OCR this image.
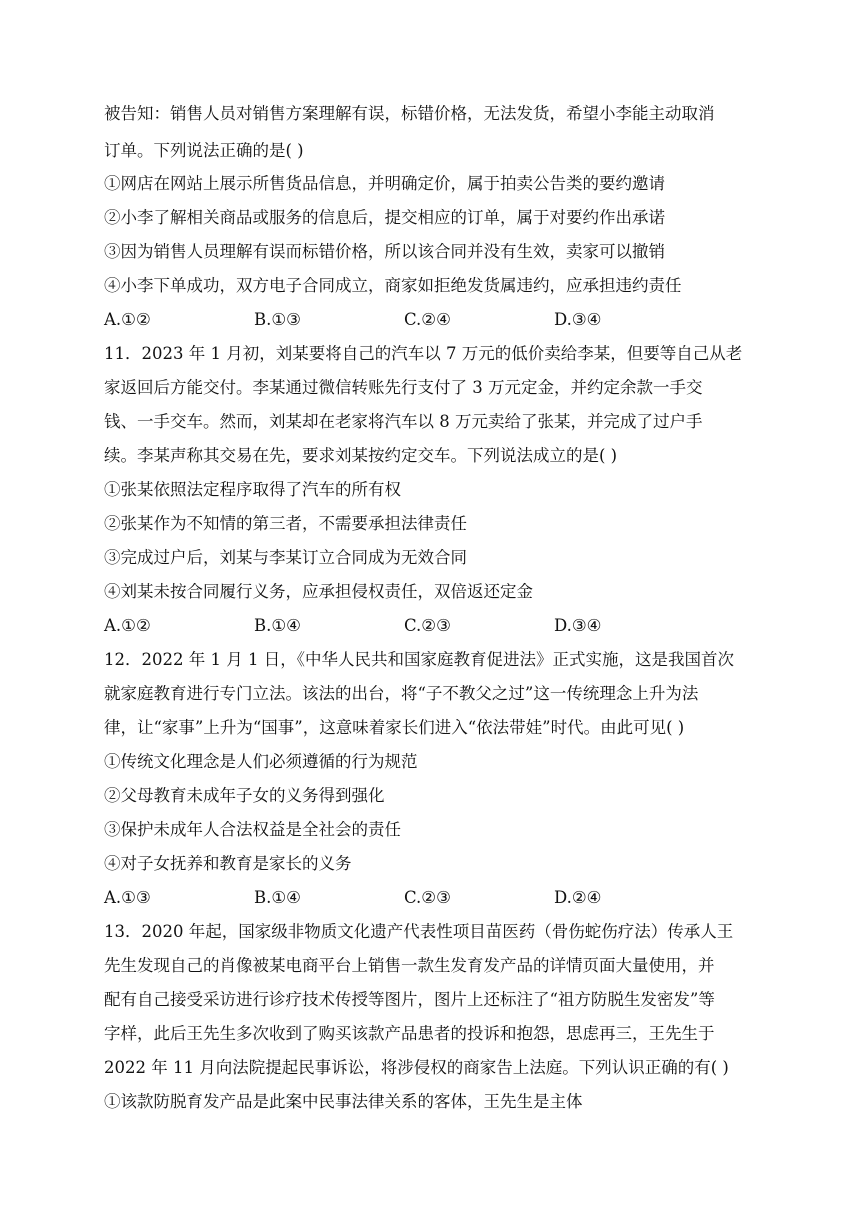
被告知：销售人员对销售方案理解有误，标错价格，无法发货，希望小李能主动取消
订单。下列说法正确的是( )
①网店在网站上展示所售货品信息，并明确定价，属于拍卖公告类的要约邀请
②小李了解相关商品或服务的信息后，提交相应的订单，属于对要约作出承诺
③因为销售人员理解有误而标错价格，所以该合同并没有生效，卖家可以撤销
④小李下单成功，双方电子合同成立，商家如拒绝发货属违约，应承担违约责任
A.①②	B.①③	C.②④	D.③④
11．2023 年 1 月初，刘某要将自己的汽车以 7 万元的低价卖给李某，但要等自己从老
家返回后方能交付。李某通过微信转账先行支付了 3 万元定金，并约定余款一手交
钱、一手交车。然而，刘某却在老家将汽车以 8 万元卖给了张某，并完成了过户手
续。李某声称其交易在先，要求刘某按约定交车。下列说法成立的是( )
①张某依照法定程序取得了汽车的所有权
②张某作为不知情的第三者，不需要承担法律责任
③完成过户后，刘某与李某订立合同成为无效合同
④刘某未按合同履行义务，应承担侵权责任，双倍返还定金
A.①②	B.①④	C.②③	D.③④
12．2022 年 1 月 1 日，《中华人民共和国家庭教育促进法》正式实施，这是我国首次
就家庭教育进行专门立法。该法的出台，将“子不教父之过”这一传统理念上升为法
律，让“家事”上升为“国事”，这意味着家长们进入“依法带娃”时代。由此可见( )
①传统文化理念是人们必须遵循的行为规范
②父母教育未成年子女的义务得到强化
③保护未成年人合法权益是全社会的责任
④对子女抚养和教育是家长的义务
A.①③	B.①④	C.②③	D.②④
13．2020 年起，国家级非物质文化遗产代表性项目苗医药（骨伤蛇伤疗法）传承人王
先生发现自己的肖像被某电商平台上销售一款生发育发产品的详情页面大量使用，并
配有自己接受采访进行诊疗技术传授等图片，图片上还标注了“祖方防脱生发密发”等
字样，此后王先生多次收到了购买该款产品患者的投诉和抱怨，思虑再三，王先生于
2022 年 11 月向法院提起民事诉讼，将涉侵权的商家告上法庭。下列认识正确的有( )
①该款防脱育发产品是此案中民事法律关系的客体，王先生是主体
